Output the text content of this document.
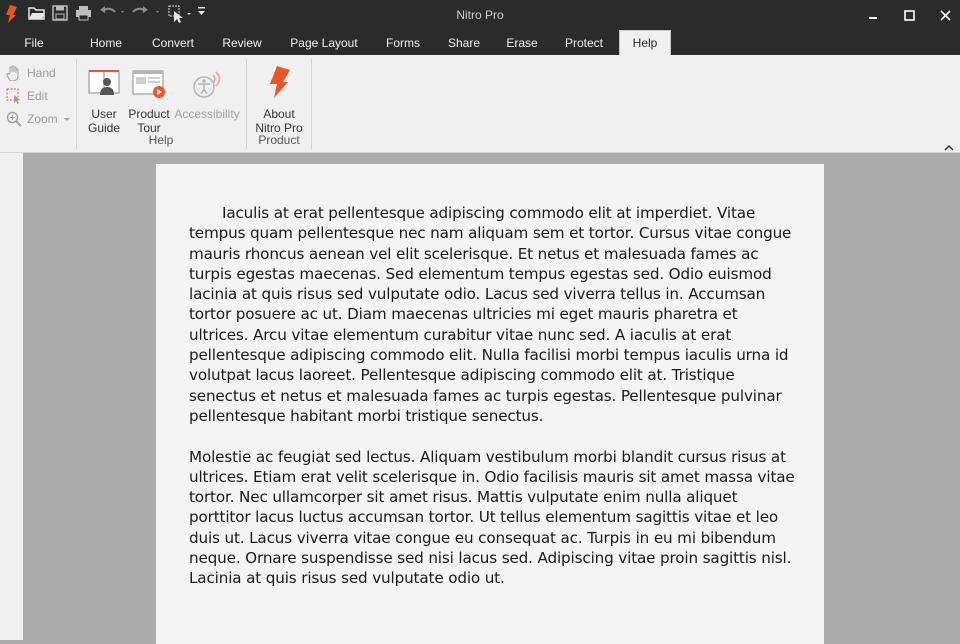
Nitro Pro
File	Home	Convert	Review	Page Layout	Forms	Share	Erase	Protect	Help
Hand
Edit
Zoom	User
Guide
Product
Tour
Accessibility
Help
About
Nitro Pro
Product

Iaculis at erat pellentesque adipiscing commodo elit at imperdiet. Vitae tempus quam pellentesque nec nam aliquam sem et tortor. Cursus vitae congue mauris rhoncus aenean vel elit scelerisque. Et netus et malesuada fames ac turpis egestas maecenas. Sed elementum tempus egestas sed. Odio euismod lacinia at quis risus sed vulputate odio. Lacus sed viverra tellus in. Accumsan tortor posuere ac ut. Diam maecenas ultricies mi eget mauris pharetra et ultrices. Arcu vitae elementum curabitur vitae nunc sed. A iaculis at erat pellentesque adipiscing commodo elit. Nulla facilisi morbi tempus iaculis urna id volutpat lacus laoreet. Pellentesque adipiscing commodo elit at. Tristique senectus et netus et malesuada fames ac turpis egestas. Pellentesque pulvinar pellentesque habitant morbi tristique senectus.

Molestie ac feugiat sed lectus. Aliquam vestibulum morbi blandit cursus risus at ultrices. Etiam erat velit scelerisque in. Odio facilisis mauris sit amet massa vitae tortor. Nec ullamcorper sit amet risus. Mattis vulputate enim nulla aliquet porttitor lacus luctus accumsan tortor. Ut tellus elementum sagittis vitae et leo duis ut. Lacus viverra vitae congue eu consequat ac. Turpis in eu mi bibendum neque. Ornare suspendisse sed nisi lacus sed. Adipiscing vitae proin sagittis nisl. Lacinia at quis risus sed vulputate odio ut.
